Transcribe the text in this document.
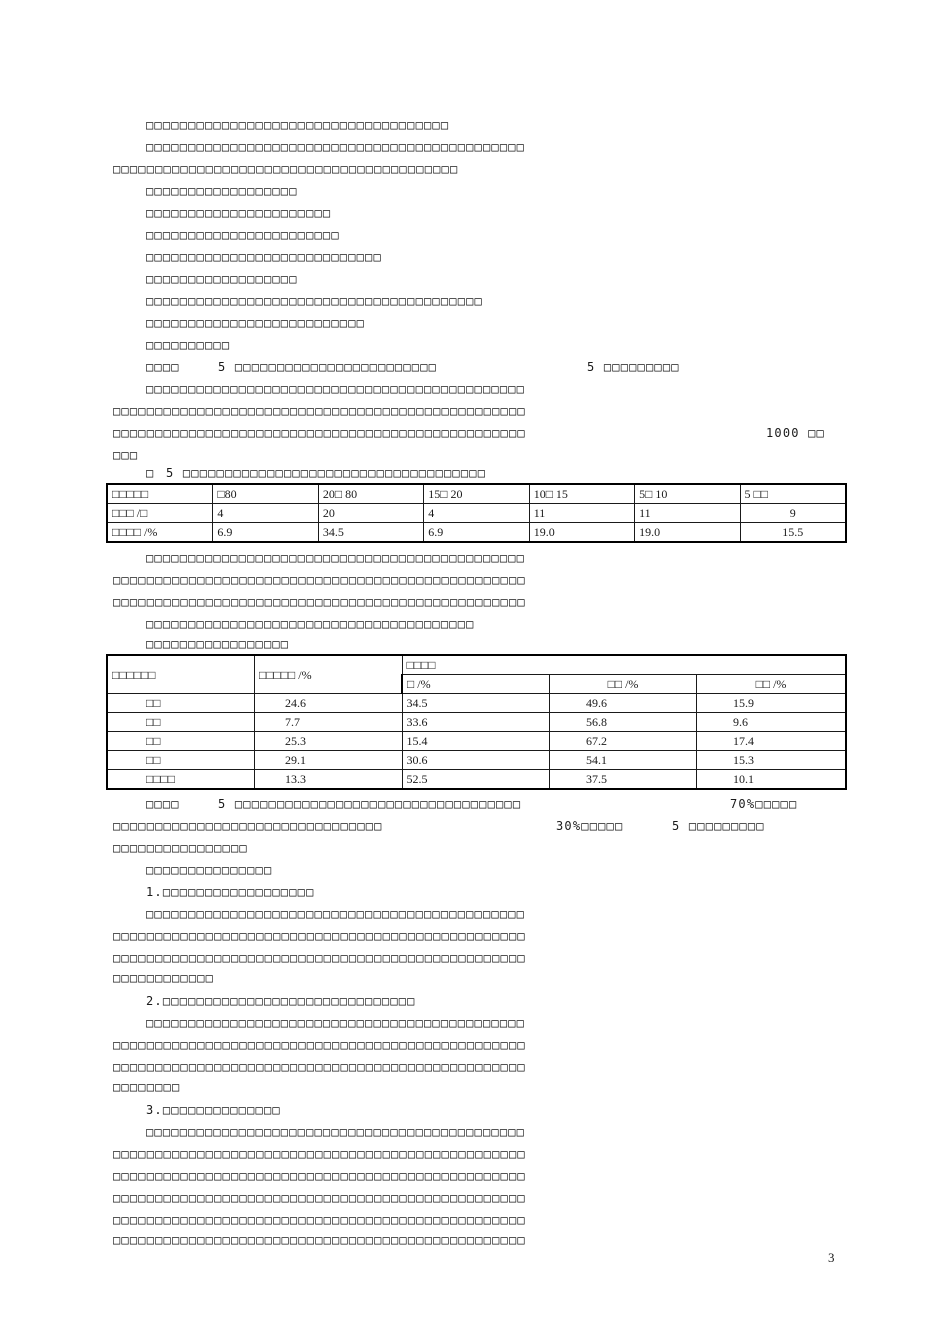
□□□□□□□□□□□□□□□□□□□□□□□□□□□□□□□□□□□□
□□□□□□□□□□□□□□□□□□□□□□□□□□□□□□□□□□□□□□□□□□□□□
□□□□□□□□□□□□□□□□□□□□□□□□□□□□□□□□□□□□□□□□□
□□□□□□□□□□□□□□□□□□
□□□□□□□□□□□□□□□□□□□□□□
□□□□□□□□□□□□□□□□□□□□□□□
□□□□□□□□□□□□□□□□□□□□□□□□□□□□
□□□□□□□□□□□□□□□□□□
□□□□□□□□□□□□□□□□□□□□□□□□□□□□□□□□□□□□□□□□
□□□□□□□□□□□□□□□□□□□□□□□□□□
□□□□□□□□□□
□□□□	5 □□□□□□□□□□□□□□□□□□□□□□□□	5 □□□□□□□□□
□□□□□□□□□□□□□□□□□□□□□□□□□□□□□□□□□□□□□□□□□□□□□
□□□□□□□□□□□□□□□□□□□□□□□□□□□□□□□□□□□□□□□□□□□□□□□□□
□□□□□□□□□□□□□□□□□□□□□□□□□□□□□□□□□□□□□□□□□□□□□□□□□	1000 □□
□□□
□ 5 □□□□□□□□□□□□□□□□□□□□□□□□□□□□□□□□□□□□
□□□□□	□80	20□ 80	15□ 20	10□ 15	5□ 10	5 □□
□□□ /□	4	20	4	11	11	9
□□□□ /%	6.9	34.5	6.9	19.0	19.0	15.5
□□□□□□□□□□□□□□□□□□□□□□□□□□□□□□□□□□□□□□□□□□□□□
□□□□□□□□□□□□□□□□□□□□□□□□□□□□□□□□□□□□□□□□□□□□□□□□□
□□□□□□□□□□□□□□□□□□□□□□□□□□□□□□□□□□□□□□□□□□□□□□□□□
□□□□□□□□□□□□□□□□□□□□□□□□□□□□□□□□□□□□□□□
□□□□□□□□□□□□□□□□□
□□□□□□	□□□□□ /%	□□□□		
		□ /%	□□ /%	□□ /%
□□	24.6	34.5	49.6	15.9
□□	7.7	33.6	56.8	9.6
□□	25.3	15.4	67.2	17.4
□□	29.1	30.6	54.1	15.3
□□□□	13.3	52.5	37.5	10.1
□□□□	5 □□□□□□□□□□□□□□□□□□□□□□□□□□□□□□□□□□	70%□□□□□
□□□□□□□□□□□□□□□□□□□□□□□□□□□□□□□□	30%□□□□□	5 □□□□□□□□□
□□□□□□□□□□□□□□□□
□□□□□□□□□□□□□□□
1.□□□□□□□□□□□□□□□□□□
□□□□□□□□□□□□□□□□□□□□□□□□□□□□□□□□□□□□□□□□□□□□□
□□□□□□□□□□□□□□□□□□□□□□□□□□□□□□□□□□□□□□□□□□□□□□□□□
□□□□□□□□□□□□□□□□□□□□□□□□□□□□□□□□□□□□□□□□□□□□□□□□□
□□□□□□□□□□□□
2.□□□□□□□□□□□□□□□□□□□□□□□□□□□□□□
□□□□□□□□□□□□□□□□□□□□□□□□□□□□□□□□□□□□□□□□□□□□□
□□□□□□□□□□□□□□□□□□□□□□□□□□□□□□□□□□□□□□□□□□□□□□□□□
□□□□□□□□□□□□□□□□□□□□□□□□□□□□□□□□□□□□□□□□□□□□□□□□□
□□□□□□□□
3.□□□□□□□□□□□□□□
□□□□□□□□□□□□□□□□□□□□□□□□□□□□□□□□□□□□□□□□□□□□□
□□□□□□□□□□□□□□□□□□□□□□□□□□□□□□□□□□□□□□□□□□□□□□□□□
□□□□□□□□□□□□□□□□□□□□□□□□□□□□□□□□□□□□□□□□□□□□□□□□□
□□□□□□□□□□□□□□□□□□□□□□□□□□□□□□□□□□□□□□□□□□□□□□□□□
□□□□□□□□□□□□□□□□□□□□□□□□□□□□□□□□□□□□□□□□□□□□□□□□□
□□□□□□□□□□□□□□□□□□□□□□□□□□□□□□□□□□□□□□□□□□□□□□□□□
3
